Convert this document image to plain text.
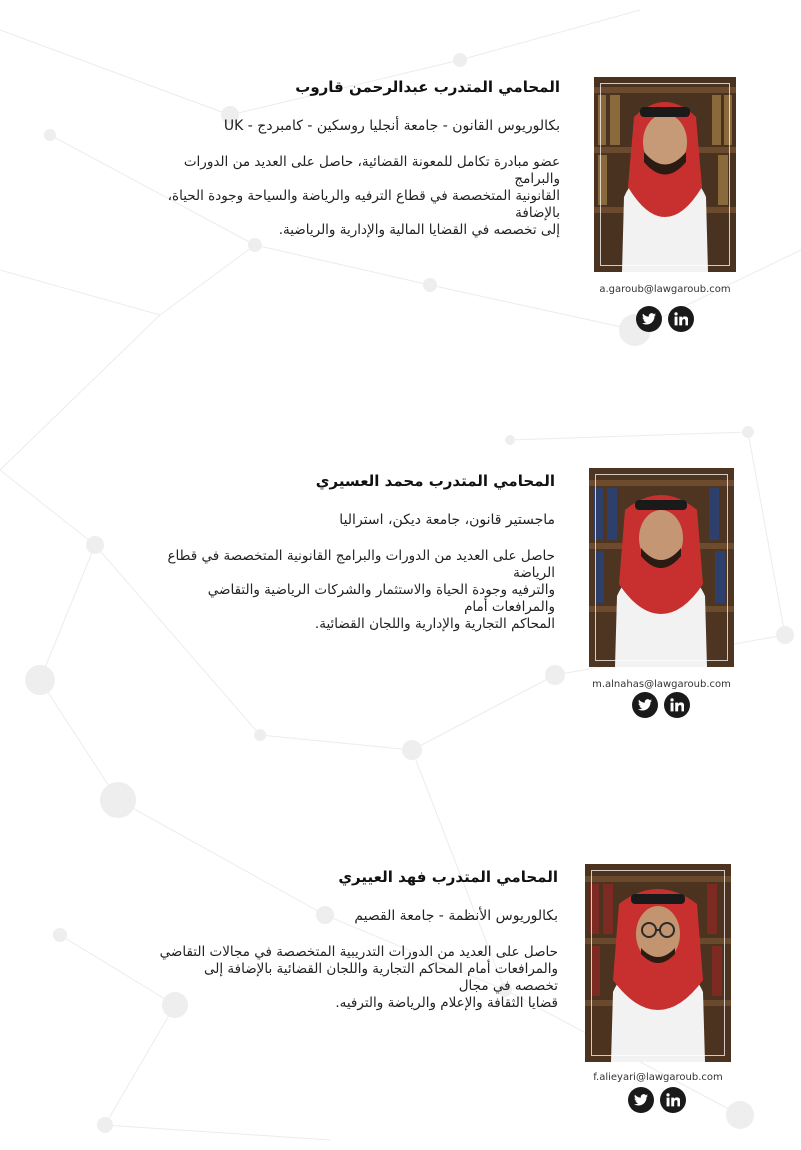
المحامي المتدرب عبدالرحمن قاروب

بكالوريوس القانون - جامعة أنجليا روسكين - كامبردج - UK

عضو مبادرة تكامل للمعونة القضائية، حاصل على العديد من الدورات والبرامج

القانونية المتخصصة في قطاع الترفيه والرياضة والسياحة وجودة الحياة، بالإضافة

إلى تخصصه في القضايا المالية والإدارية والرياضية.

a.garoub@lawgaroub.com

المحامي المتدرب محمد العسيري

ماجستير قانون، جامعة ديكن، استراليا

حاصل على العديد من الدورات والبرامج القانونية المتخصصة في قطاع الرياضة

والترفيه وجودة الحياة والاستثمار والشركات الرياضية والتقاضي والمرافعات أمام

المحاكم التجارية والإدارية واللجان القضائية.

m.alnahas@lawgaroub.com

المحامي المتدرب فهد العييري

بكالوريوس الأنظمة - جامعة القصيم

حاصل على العديد من الدورات التدريبية المتخصصة في مجالات التقاضي

والمرافعات أمام المحاكم التجارية واللجان القضائية بالإضافة إلى تخصصه في مجال

قضايا الثقافة والإعلام والرياضة والترفيه.

f.alieyari@lawgaroub.com
